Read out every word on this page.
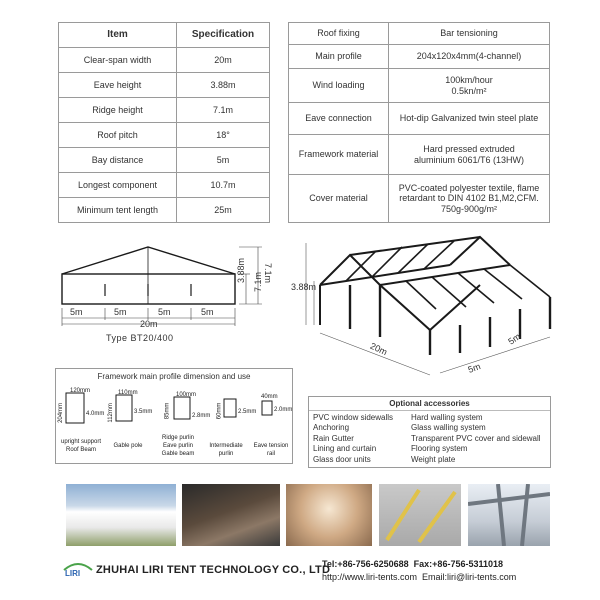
Item	Specification
Clear-span width	20m
Eave height	3.88m
Ridge height	7.1m
Roof pitch	18°
Bay distance	5m
Longest component	10.7m
Minimum tent length	25m
Roof fixing	Bar tensioning
Main profile	204x120x4mm(4-channel)
Wind loading	100km/hour
0.5kn/m²

Eave connection	Hot-dip Galvanized twin steel plate
Framework material	Hard pressed extruded
aluminium 6061/T6 (13HW)

Cover material	PVC-coated polyester textile, flame
retardant to DIN 4102 B1,M2,CFM.
750g-900g/m²
5m	5m	5m	5m
20m
3.88m 7.1m
Type BT20/400
7.1m
3.88m
20m
5m
5m
Framework main profile dimension and use
120mm
204mm	4.0mm 112mm
110mm
3.5mm
100mm
85mm	2.8mm 60mm	2.5mm
40mm
2.0mm
upright support
Roof Beam
Gable pole
Ridge purlin
Eave purlin
Gable beam
Intermediate
purlin
Eave tension
rail
Optional accessories
PVC window sidewalls
Anchoring
Rain Gutter
Lining and curtain
Glass door units
Hard walling system
Glass walling system
Transparent PVC cover and sidewall
Flooring system
Weight plate
LIRI ZHUHAI LIRI TENT TECHNOLOGY CO., LTD
Tel:+86-756-6250688 Fax:+86-756-5311018
http://www.liri-tents.com Email:liri@liri-tents.com
